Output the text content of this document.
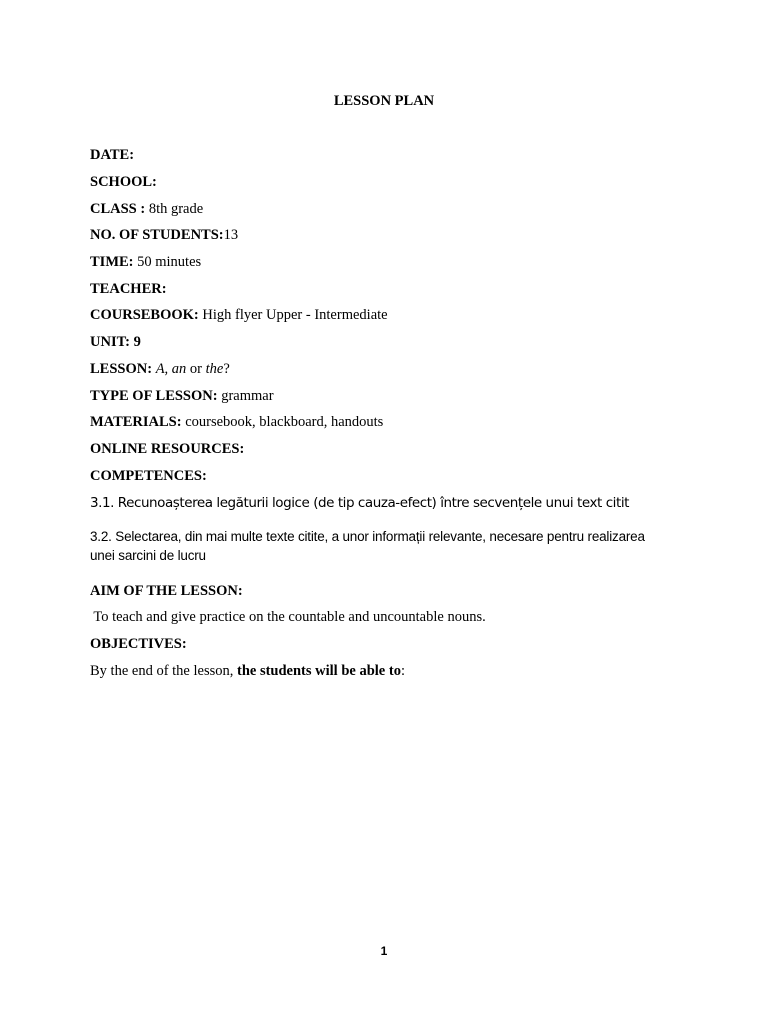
LESSON PLAN
DATE:
SCHOOL:
CLASS : 8th grade
NO. OF STUDENTS:13
TIME: 50 minutes
TEACHER:
COURSEBOOK: High flyer Upper - Intermediate
UNIT: 9
LESSON: A, an or the?
TYPE OF LESSON: grammar
MATERIALS: coursebook, blackboard, handouts
ONLINE RESOURCES:
COMPETENCES:
3.1. Recunoașterea legăturii logice (de tip cauza-efect) între secvențele unui text citit
3.2. Selectarea, din mai multe texte citite, a unor informații relevante, necesare pentru realizarea
unei sarcini de lucru
AIM OF THE LESSON:
To teach and give practice on the countable and uncountable nouns.
OBJECTIVES:
By the end of the lesson, the students will be able to:
1
